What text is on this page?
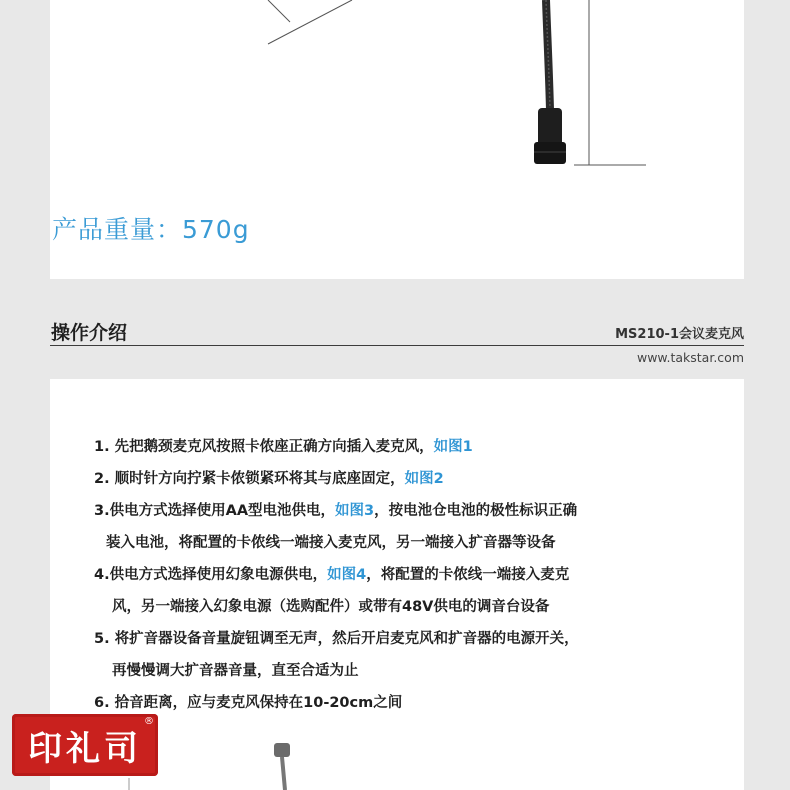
产品重量：570g
操作介绍	MS210-1会议麦克风
www.takstar.com
1. 先把鹅颈麦克风按照卡侬座正确方向插入麦克风，如图1
2. 顺时针方向拧紧卡侬锁紧环将其与底座固定，如图2
3.供电方式选择使用AA型电池供电，如图3，按电池仓电池的极性标识正确
装入电池，将配置的卡侬线一端接入麦克风，另一端接入扩音器等设备
4.供电方式选择使用幻象电源供电，如图4，将配置的卡侬线一端接入麦克
风，另一端接入幻象电源（选购配件）或带有48V供电的调音台设备
5. 将扩音器设备音量旋钮调至无声，然后开启麦克风和扩音器的电源开关，
再慢慢调大扩音器音量，直至合适为止
6. 拾音距离，应与麦克风保持在10-20cm之间
印礼司
®
